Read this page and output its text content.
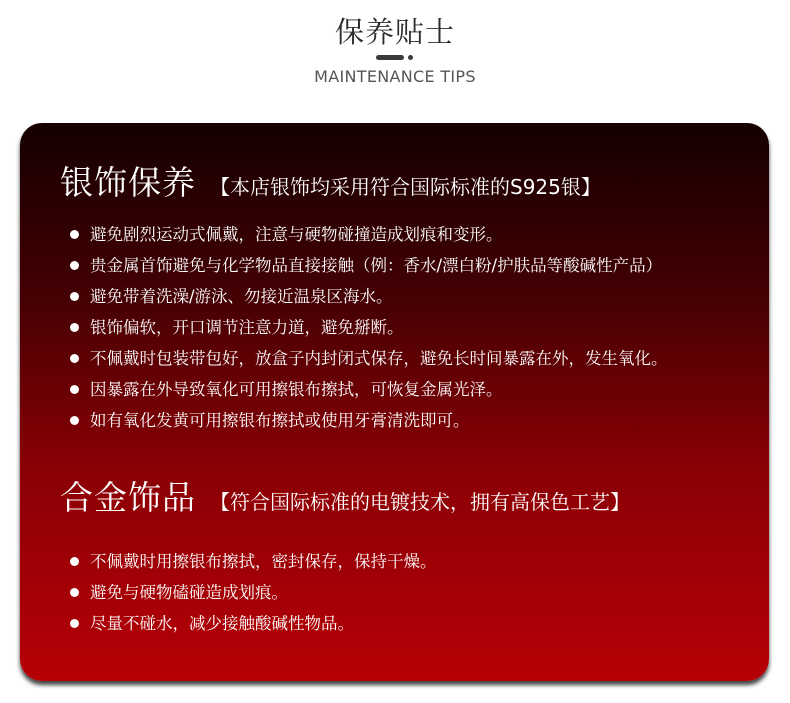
保养贴士
MAINTENANCE TIPS
银饰保养 【本店银饰均采用符合国际标准的S925银】
避免剧烈运动式佩戴，注意与硬物碰撞造成划痕和变形。
贵金属首饰避免与化学物品直接接触（例：香水/漂白粉/护肤品等酸碱性产品）
避免带着洗澡/游泳、勿接近温泉区海水。
银饰偏软，开口调节注意力道，避免掰断。
不佩戴时包装带包好，放盒子内封闭式保存，避免长时间暴露在外，发生氧化。
因暴露在外导致氧化可用擦银布擦拭，可恢复金属光泽。
如有氧化发黄可用擦银布擦拭或使用牙膏清洗即可。
合金饰品 【符合国际标准的电镀技术，拥有高保色工艺】
不佩戴时用擦银布擦拭，密封保存，保持干燥。
避免与硬物磕碰造成划痕。
尽量不碰水，减少接触酸碱性物品。
